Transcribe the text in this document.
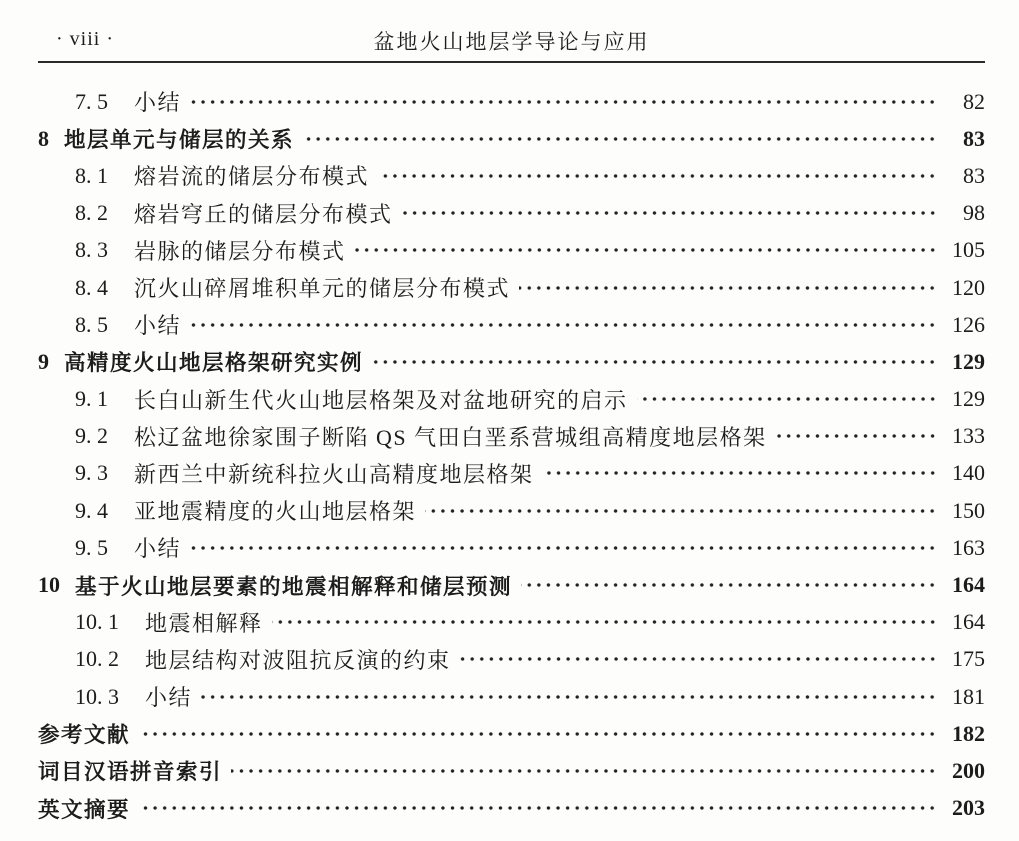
· viii ·	盆地火山地层学导论与应用
7. 5 小结	82
8 地层单元与储层的关系	83
8. 1 熔岩流的储层分布模式	83
8. 2 熔岩穹丘的储层分布模式	98
8. 3 岩脉的储层分布模式	105
8. 4 沉火山碎屑堆积单元的储层分布模式	120
8. 5 小结	126
9 高精度火山地层格架研究实例	129
9. 1 长白山新生代火山地层格架及对盆地研究的启示	129
9. 2 松辽盆地徐家围子断陷 QS 气田白垩系营城组高精度地层格架	133
9. 3 新西兰中新统科拉火山高精度地层格架	140
9. 4 亚地震精度的火山地层格架	150
9. 5 小结	163
10 基于火山地层要素的地震相解释和储层预测	164
10. 1 地震相解释	164
10. 2 地层结构对波阻抗反演的约束	175
10. 3 小结	181
参考文献	182
词目汉语拼音索引	200
英文摘要	203
